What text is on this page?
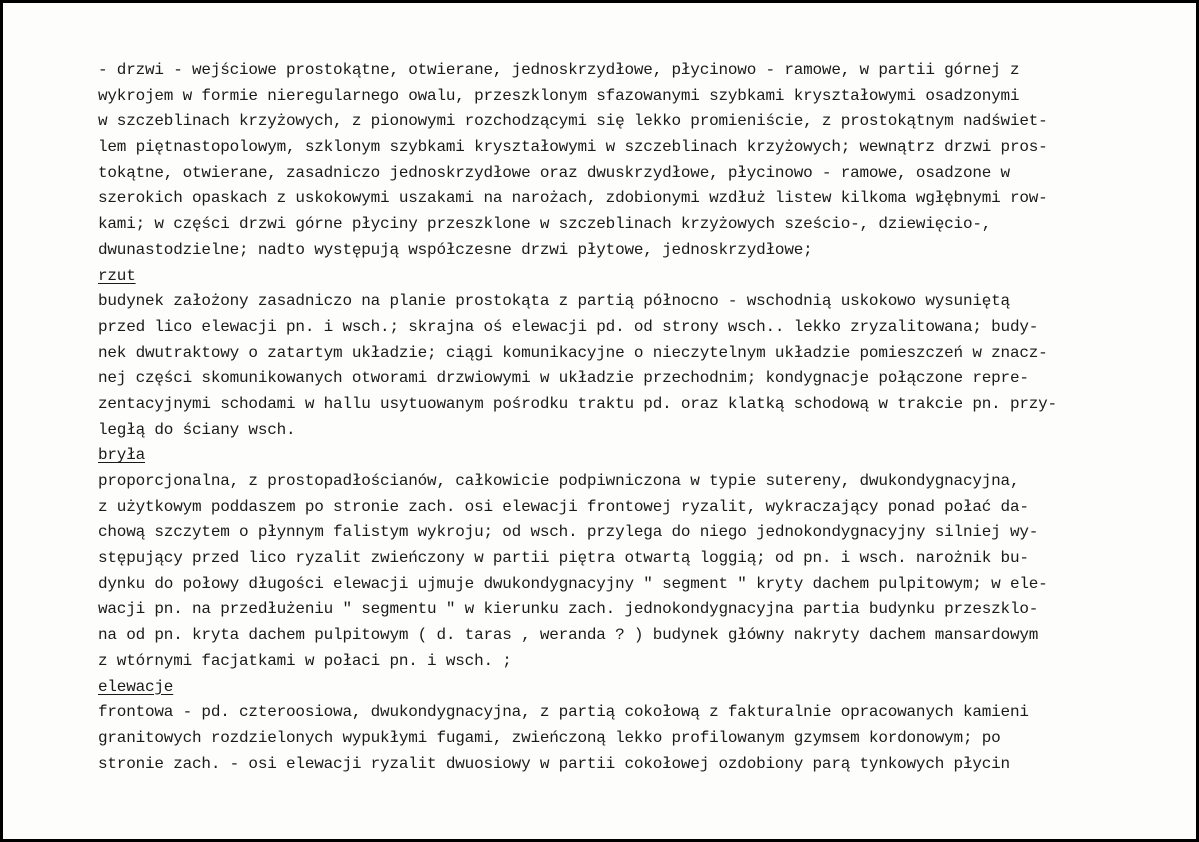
- drzwi - wejściowe prostokątne, otwierane, jednoskrzydłowe, płycinowo - ramowe, w partii górnej z
wykrojem w formie nieregularnego owalu, przeszklonym sfazowanymi szybkami kryształowymi osadzonymi
w szczeblinach krzyżowych, z pionowymi rozchodzącymi się lekko promieniście, z prostokątnym nadświet-
lem piętnastopolowym, szklonym szybkami kryształowymi w szczeblinach krzyżowych; wewnątrz drzwi pros-
tokątne, otwierane, zasadniczo jednoskrzydłowe oraz dwuskrzydłowe, płycinowo - ramowe, osadzone w
szerokich opaskach z uskokowymi uszakami na narożach, zdobionymi wzdłuż listew kilkoma wgłębnymi row-
kami; w części drzwi górne płyciny przeszklone w szczeblinach krzyżowych sześcio-, dziewięcio-,
dwunastodzielne; nadto występują współczesne drzwi płytowe, jednoskrzydłowe;
rzut
budynek założony zasadniczo na planie prostokąta z partią północno - wschodnią uskokowo wysuniętą
przed lico elewacji pn. i wsch.; skrajna oś elewacji pd. od strony wsch.. lekko zryzalitowana; budy-
nek dwutraktowy o zatartym układzie; ciągi komunikacyjne o nieczytelnym układzie pomieszczeń w znacz-
nej części skomunikowanych otworami drzwiowymi w układzie przechodnim; kondygnacje połączone repre-
zentacyjnymi schodami w hallu usytuowanym pośrodku traktu pd. oraz klatką schodową w trakcie pn. przy-
ległą do ściany wsch.
bryła
proporcjonalna, z prostopadłościanów, całkowicie podpiwniczona w typie sutereny, dwukondygnacyjna,
z użytkowym poddaszem po stronie zach. osi elewacji frontowej ryzalit, wykraczający ponad połać da-
chową szczytem o płynnym falistym wykroju; od wsch. przylega do niego jednokondygnacyjny silniej wy-
stępujący przed lico ryzalit zwieńczony w partii piętra otwartą loggią; od pn. i wsch. narożnik bu-
dynku do połowy długości elewacji ujmuje dwukondygnacyjny " segment " kryty dachem pulpitowym; w ele-
wacji pn. na przedłużeniu " segmentu " w kierunku zach. jednokondygnacyjna partia budynku przeszklo-
na od pn. kryta dachem pulpitowym ( d. taras , weranda ? ) budynek główny nakryty dachem mansardowym
z wtórnymi facjatkami w połaci pn. i wsch. ;
elewacje
frontowa - pd. czteroosiowa, dwukondygnacyjna, z partią cokołową z fakturalnie opracowanych kamieni
granitowych rozdzielonych wypukłymi fugami, zwieńczoną lekko profilowanym gzymsem kordonowym; po
stronie zach. - osi elewacji ryzalit dwuosiowy w partii cokołowej ozdobiony parą tynkowych płycin
